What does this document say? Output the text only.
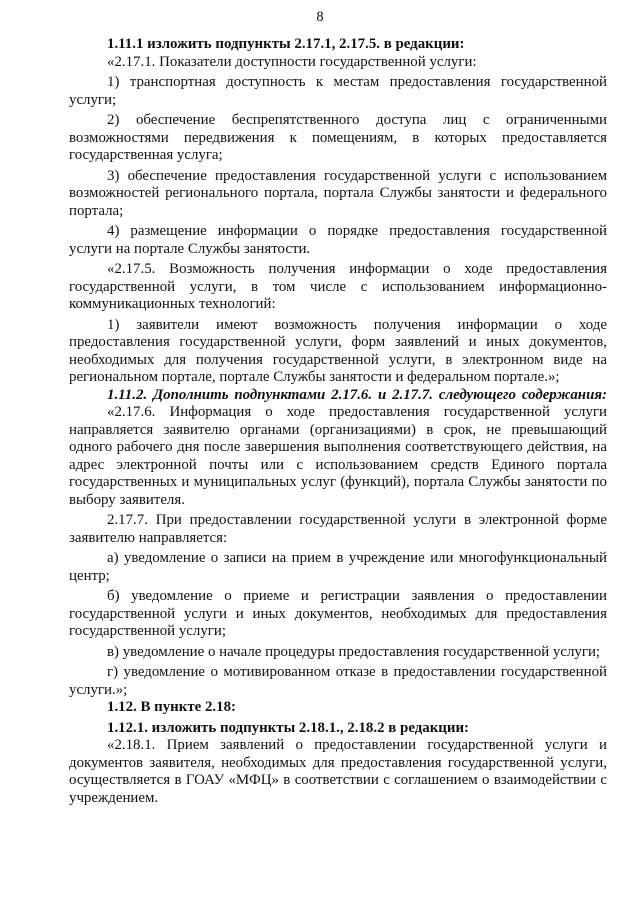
8

1.11.1 изложить подпункты 2.17.1, 2.17.5. в редакции:

«2.17.1. Показатели доступности государственной услуги:

1) транспортная доступность к местам предоставления государственной услуги;

2) обеспечение беспрепятственного доступа лиц с ограниченными возможностями передвижения к помещениям, в которых предоставляется государственная услуга;

3) обеспечение предоставления государственной услуги с использованием возможностей регионального портала, портала Службы занятости и федерального портала;

4) размещение информации о порядке предоставления государственной услуги на портале Службы занятости.

«2.17.5. Возможность получения информации о ходе предоставления государственной услуги, в том числе с использованием информационно-коммуникационных технологий:

1) заявители имеют возможность получения информации о ходе предоставления государственной услуги, форм заявлений и иных документов, необходимых для получения государственной услуги, в электронном виде на региональном портале, портале Службы занятости и федеральном портале.»;

1.11.2. Дополнить подпунктами 2.17.6. и 2.17.7. следующего содержания:

«2.17.6. Информация о ходе предоставления государственной услуги направляется заявителю органами (организациями) в срок, не превышающий одного рабочего дня после завершения выполнения соответствующего действия, на адрес электронной почты или с использованием средств Единого портала государственных и муниципальных услуг (функций), портала Службы занятости по выбору заявителя.

2.17.7. При предоставлении государственной услуги в электронной форме заявителю направляется:

а) уведомление о записи на прием в учреждение или многофункциональный центр;

б) уведомление о приеме и регистрации заявления о предоставлении государственной услуги и иных документов, необходимых для предоставления государственной услуги;

в) уведомление о начале процедуры предоставления государственной услуги;

г) уведомление о мотивированном отказе в предоставлении государственной услуги.»;

1.12. В пункте 2.18:

1.12.1. изложить подпункты 2.18.1., 2.18.2 в редакции:

«2.18.1. Прием заявлений о предоставлении государственной услуги и документов заявителя, необходимых для предоставления государственной услуги, осуществляется в ГОАУ «МФЦ» в соответствии с соглашением о взаимодействии с учреждением.
